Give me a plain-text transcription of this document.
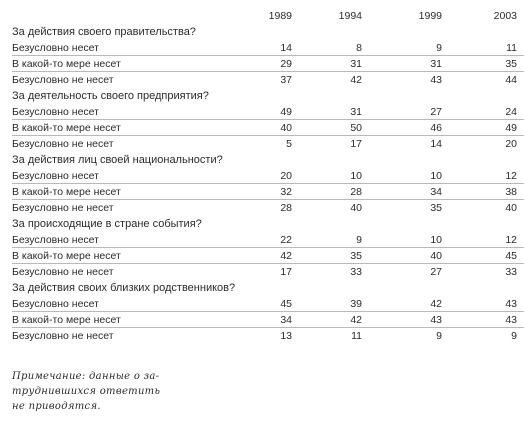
1989	1994	1999	2003
За действия своего правительства?
Безусловно несет	14	8	9	11
В какой-то мере несет	29	31	31	35
Безусловно не несет	37	42	43	44
За деятельность своего предприятия?
Безусловно несет	49	31	27	24
В какой-то мере несет	40	50	46	49
Безусловно не несет	5	17	14	20
За действия лиц своей национальности?
Безусловно несет	20	10	10	12
В какой-то мере несет	32	28	34	38
Безусловно не несет	28	40	35	40
За происходящие в стране события?
Безусловно несет	22	9	10	12
В какой-то мере несет	42	35	40	45
Безусловно не несет	17	33	27	33
За действия своих близких родственников?
Безусловно несет	45	39	42	43
В какой-то мере несет	34	42	43	43
Безусловно не несет	13	11	9	9
Примечание: данные о за-
труднившихся ответить
не приводятся.
